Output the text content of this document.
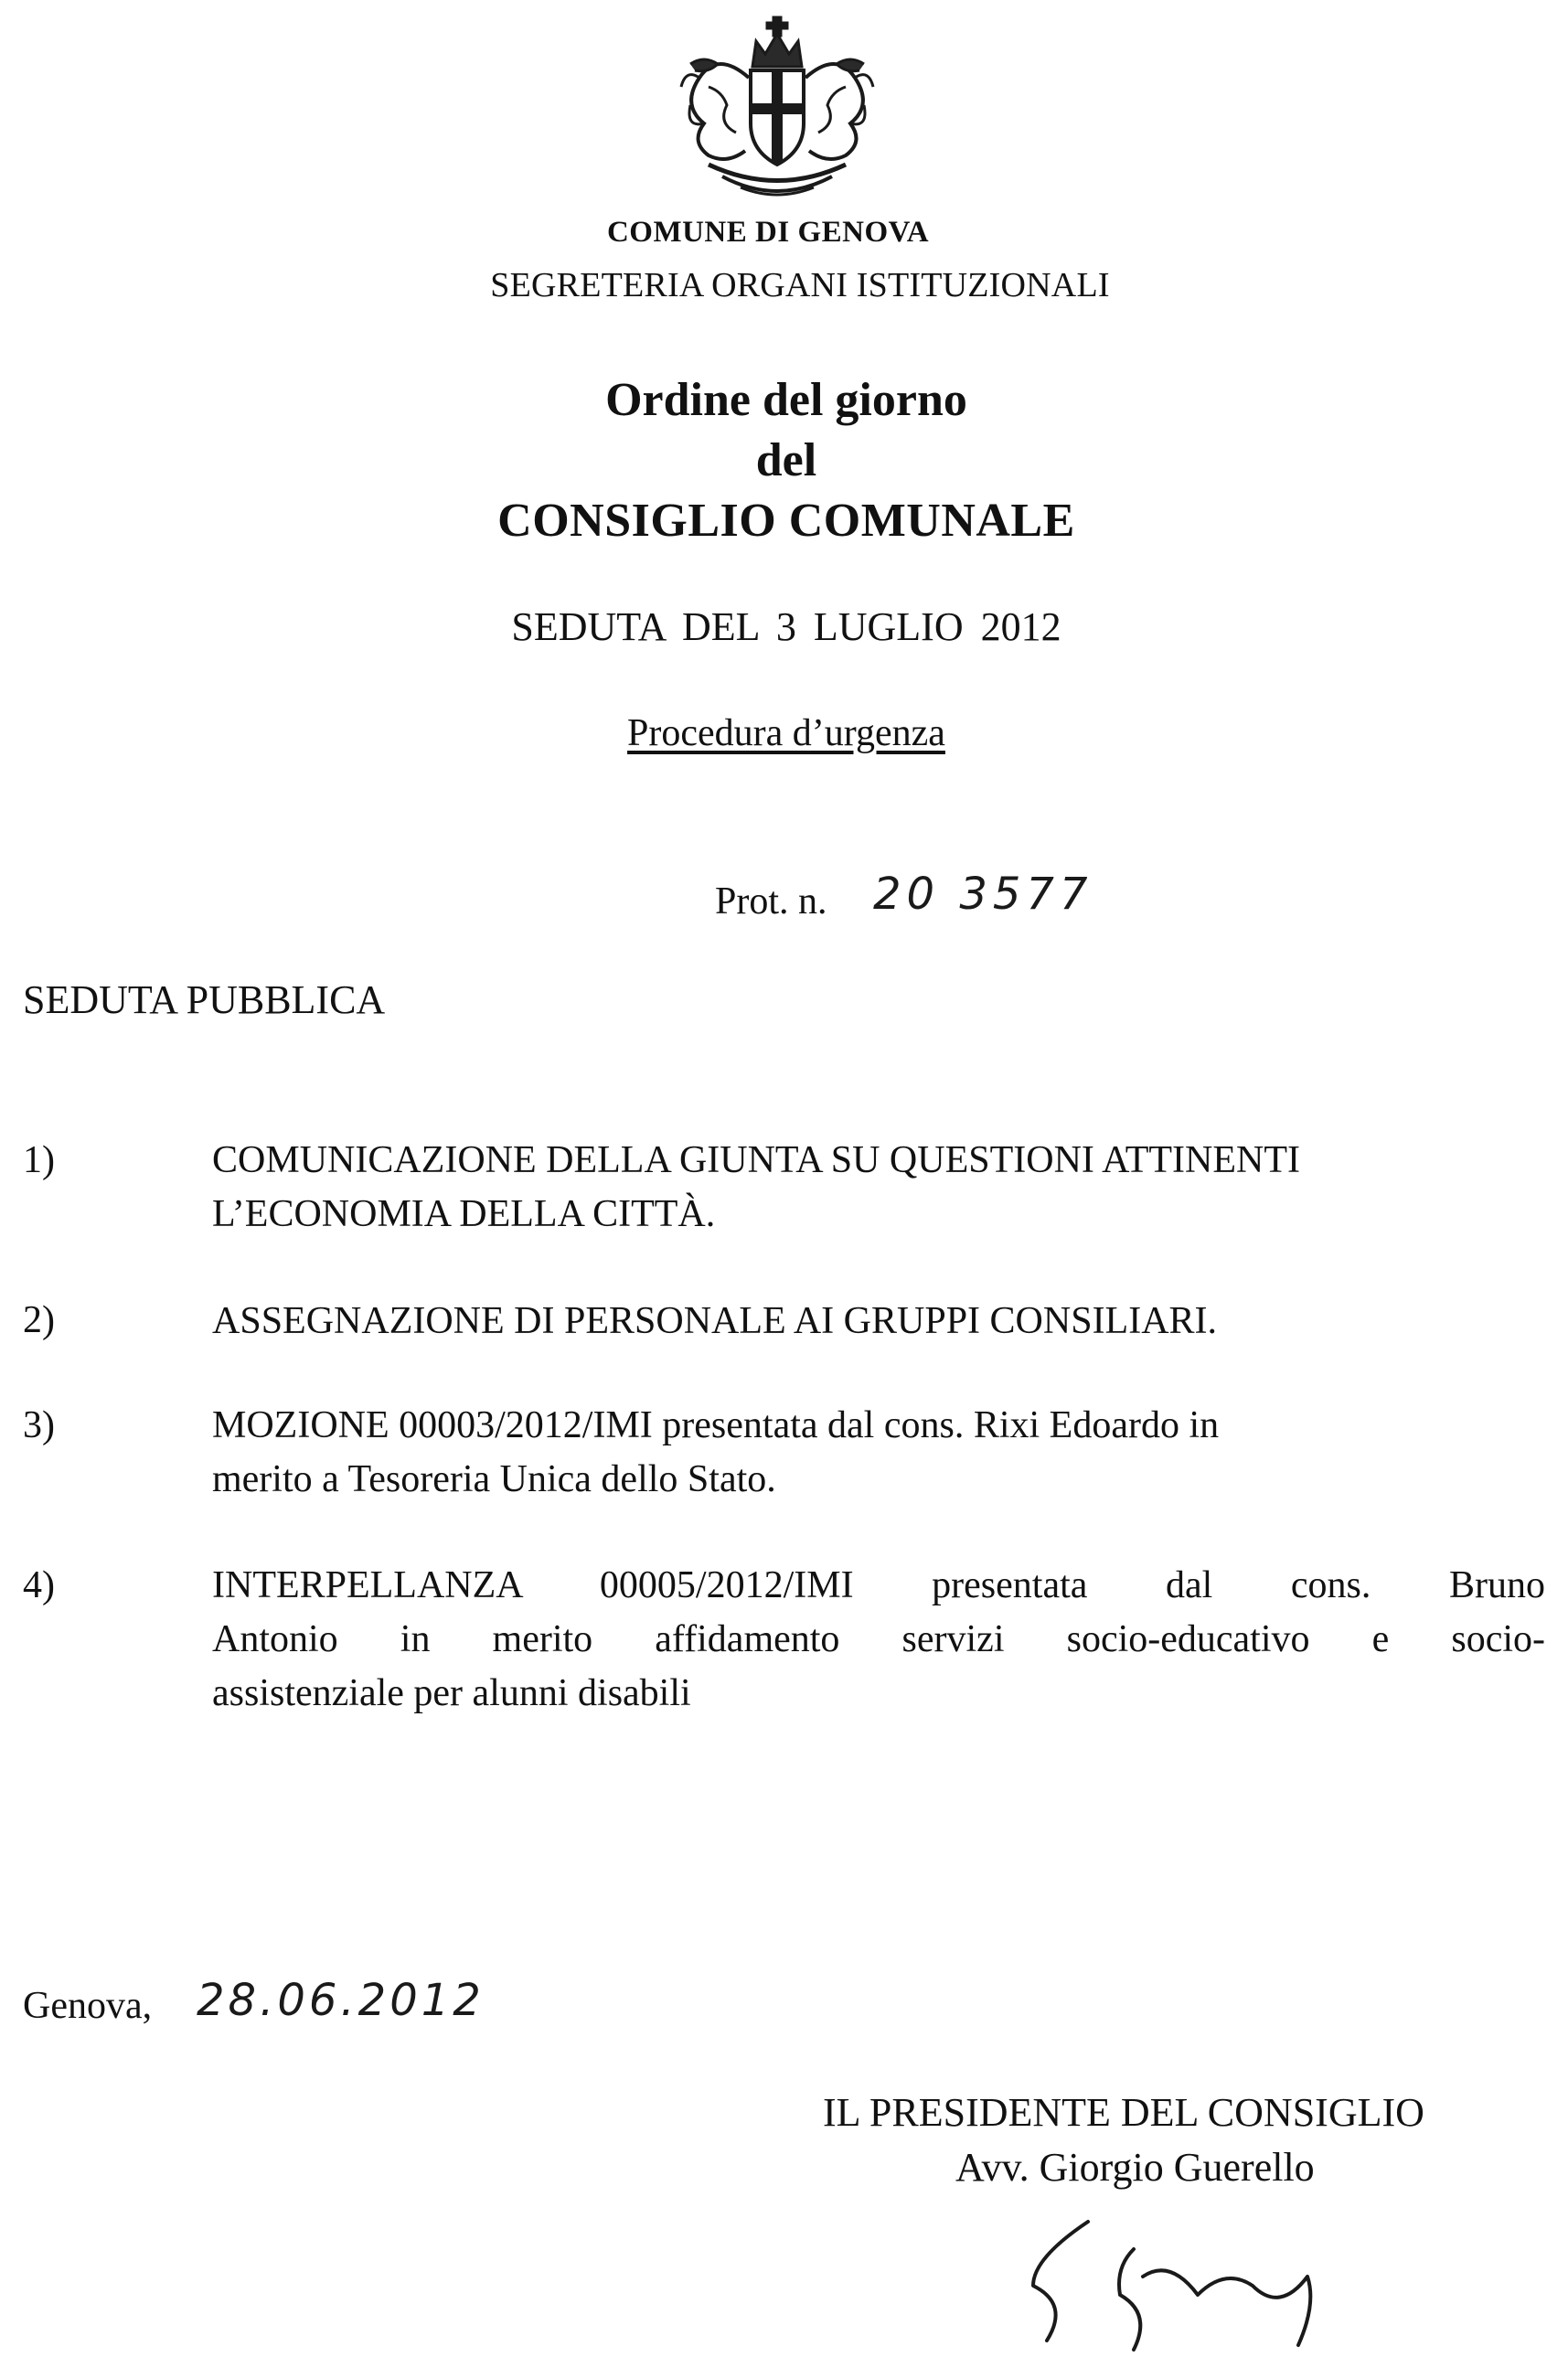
COMUNE DI GENOVA
SEGRETERIA ORGANI ISTITUZIONALI
Ordine del giorno
del
CONSIGLIO COMUNALE
SEDUTA DEL 3 LUGLIO 2012
Procedura d’urgenza
Prot. n. 20 3577
SEDUTA PUBBLICA
1)	COMUNICAZIONE DELLA GIUNTA SU QUESTIONI ATTINENTI
L’ECONOMIA DELLA CITTÀ.
2)	ASSEGNAZIONE DI PERSONALE AI GRUPPI CONSILIARI.
3)	MOZIONE 00003/2012/IMI presentata dal cons. Rixi Edoardo in
merito a Tesoreria Unica dello Stato.
4)	INTERPELLANZA 00005/2012/IMI presentata dal cons. Bruno
Antonio in merito affidamento servizi socio-educativo e socio-
assistenziale per alunni disabili
Genova, 28.06.2012
IL PRESIDENTE DEL CONSIGLIO
Avv. Giorgio Guerello
